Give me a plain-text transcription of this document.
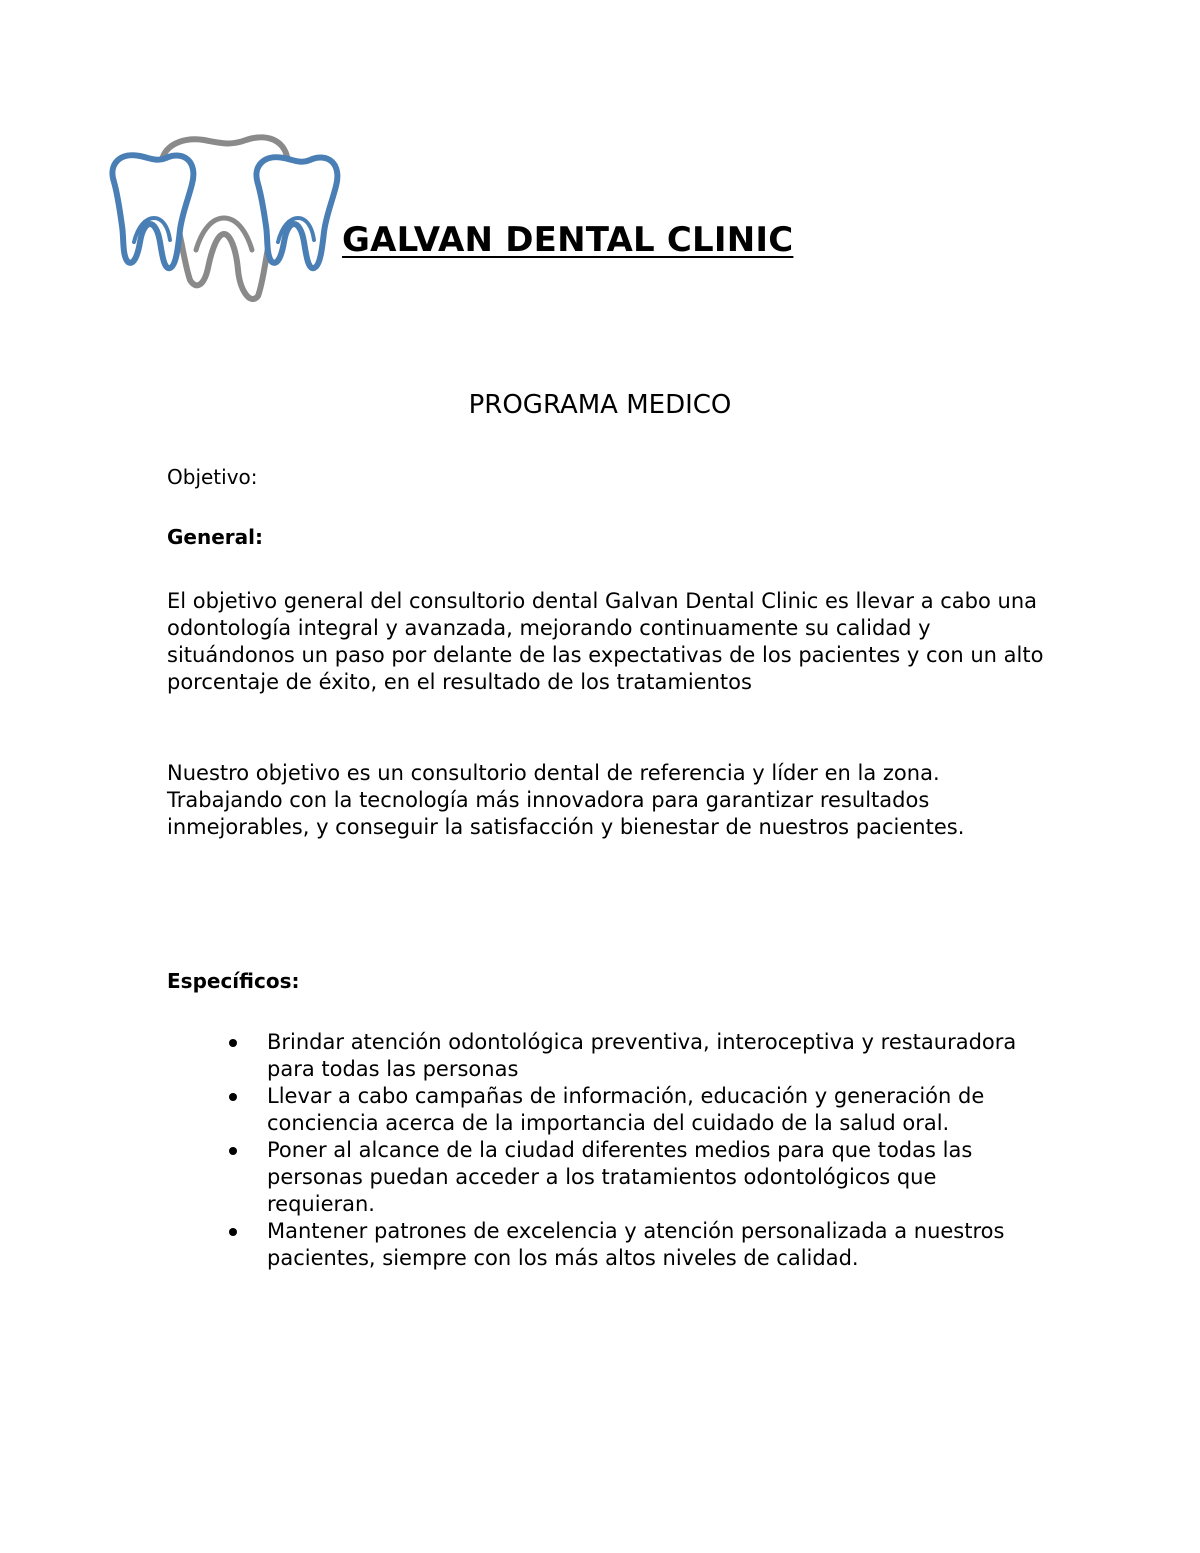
GALVAN DENTAL CLINIC
PROGRAMA MEDICO
Objetivo:
General:
El objetivo general del consultorio dental Galvan Dental Clinic es llevar a cabo una odontología integral y avanzada, mejorando continuamente su calidad y situándonos un paso por delante de las expectativas de los pacientes y con un alto porcentaje de éxito, en el resultado de los tratamientos
Nuestro objetivo es un consultorio dental de referencia y líder en la zona. Trabajando con la tecnología más innovadora para garantizar resultados inmejorables, y conseguir la satisfacción y bienestar de nuestros pacientes.
Específicos:
Brindar atención odontológica preventiva, interoceptiva y restauradora para todas las personas
Llevar a cabo campañas de información, educación y generación de conciencia acerca de la importancia del cuidado de la salud oral.
Poner al alcance de la ciudad diferentes medios para que todas las personas puedan acceder a los tratamientos odontológicos que requieran.
Mantener patrones de excelencia y atención personalizada a nuestros pacientes, siempre con los más altos niveles de calidad.
